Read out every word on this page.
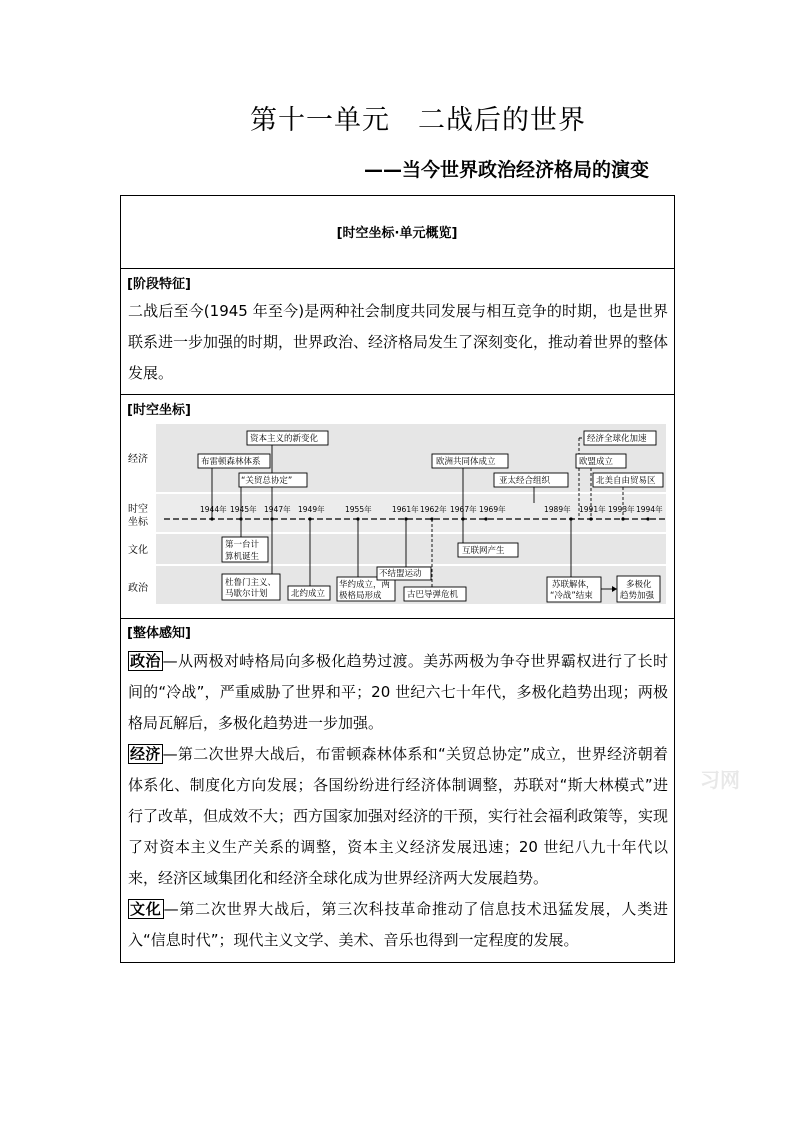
第十一单元　二战后的世界
——当今世界政治经济格局的演变
[时空坐标·单元概览]
[阶段特征]
二战后至今(1945 年至今)是两种社会制度共同发展与相互竞争的时期，也是世界联系进一步加强的时期，世界政治、经济格局发生了深刻变化，推动着世界的整体发展。
[时空坐标]
经济
时空
坐标
文化
政治
1944年 1945年 1947年 1949年	1955年	1961年 1962年 1967年 1969年	1989年 1991年 1993年 1994年
资本主义的新变化
布雷顿森林体系
“关贸总协定”
欧洲共同体成立
亚太经合组织
经济全球化加速
欧盟成立
北美自由贸易区
第一台计
算机诞生
互联网产生
杜鲁门主义、
马歇尔计划	北约成立
华约成立，两
极格局形成
不结盟运动
古巴导弹危机
苏联解体，
“冷战”结束
多极化
趋势加强
[整体感知]
政治 —从两极对峙格局向多极化趋势过渡。美苏两极为争夺世界霸权进行了长时间的“冷战”，严重威胁了世界和平；20 世纪六七十年代，多极化趋势出现；两极格局瓦解后，多极化趋势进一步加强。
经济 —第二次世界大战后，布雷顿森林体系和“关贸总协定”成立，世界经济朝着体系化、制度化方向发展；各国纷纷进行经济体制调整，苏联对“斯大林模式”进行了改革，但成效不大；西方国家加强对经济的干预，实行社会福利政策等，实现了对资本主义生产关系的调整，资本主义经济发展迅速；20 世纪八九十年代以来，经济区域集团化和经济全球化成为世界经济两大发展趋势。
文化 —第二次世界大战后，第三次科技革命推动了信息技术迅猛发展，人类进入“信息时代”；现代主义文学、美术、音乐也得到一定程度的发展。
习网
